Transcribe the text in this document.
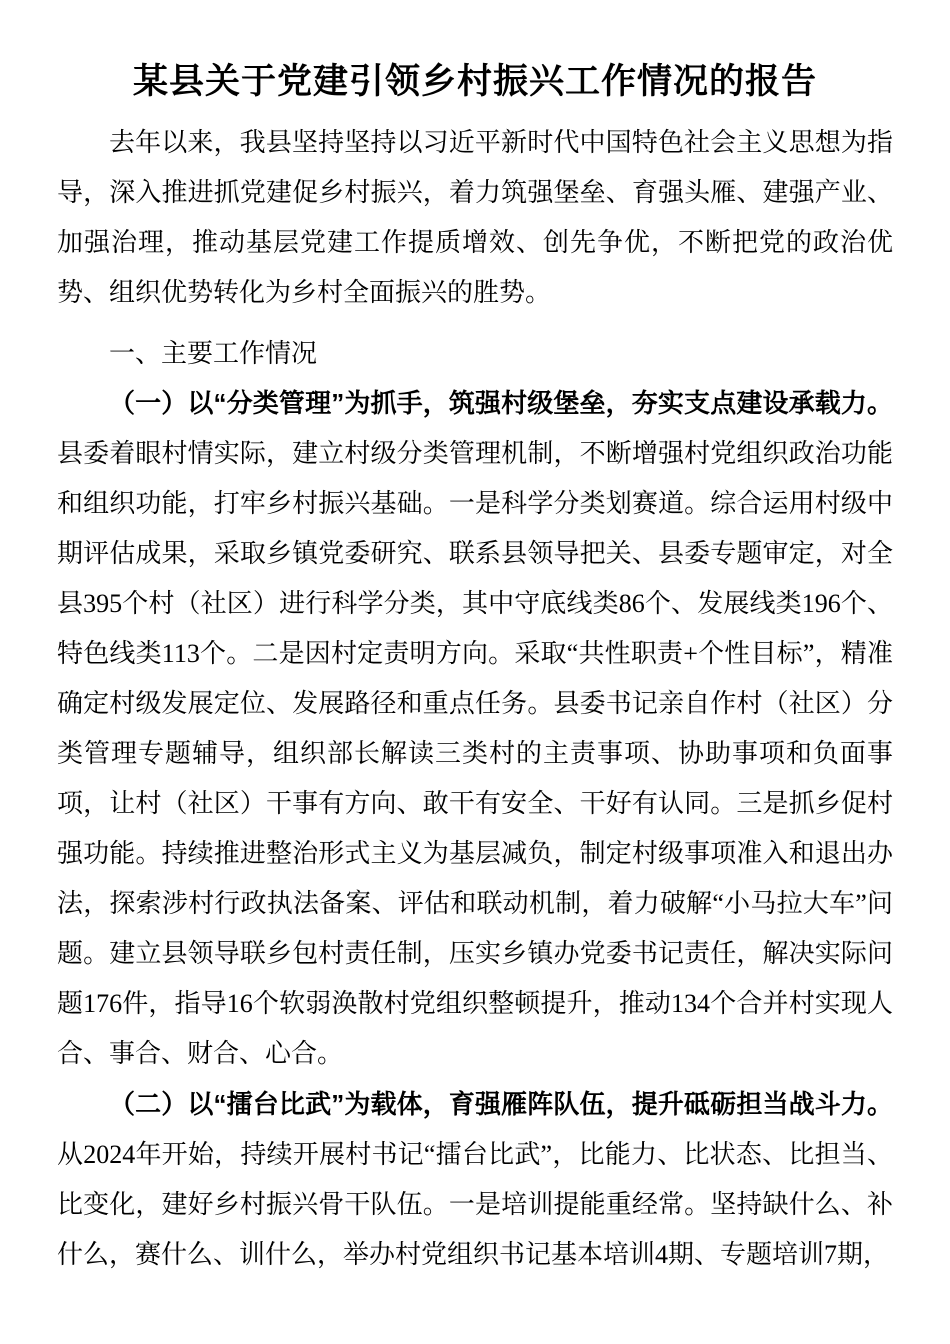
某县关于党建引领乡村振兴工作情况的报告

去年以来，我县坚持坚持以习近平新时代中国特色社会主义思想为指导，深入推进抓党建促乡村振兴，着力筑强堡垒、育强头雁、建强产业、加强治理，推动基层党建工作提质增效、创先争优，不断把党的政治优势、组织优势转化为乡村全面振兴的胜势。

一、主要工作情况

（一）以“分类管理”为抓手，筑强村级堡垒，夯实支点建设承载力。县委着眼村情实际，建立村级分类管理机制，不断增强村党组织政治功能和组织功能，打牢乡村振兴基础。一是科学分类划赛道。综合运用村级中期评估成果，采取乡镇党委研究、联系县领导把关、县委专题审定，对全县395个村（社区）进行科学分类，其中守底线类86个、发展线类196个、特色线类113个。二是因村定责明方向。采取“共性职责+个性目标”，精准确定村级发展定位、发展路径和重点任务。县委书记亲自作村（社区）分类管理专题辅导，组织部长解读三类村的主责事项、协助事项和负面事项，让村（社区）干事有方向、敢干有安全、干好有认同。三是抓乡促村强功能。持续推进整治形式主义为基层减负，制定村级事项准入和退出办法，探索涉村行政执法备案、评估和联动机制，着力破解“小马拉大车”问题。建立县领导联乡包村责任制，压实乡镇办党委书记责任，解决实际问题176件，指导16个软弱涣散村党组织整顿提升，推动134个合并村实现人合、事合、财合、心合。

（二）以“擂台比武”为载体，育强雁阵队伍，提升砥砺担当战斗力。从2024年开始，持续开展村书记“擂台比武”，比能力、比状态、比担当、比变化，建好乡村振兴骨干队伍。一是培训提能重经常。坚持缺什么、补什么，赛什么、训什么，举办村党组织书记基本培训4期、专题培训7期，
